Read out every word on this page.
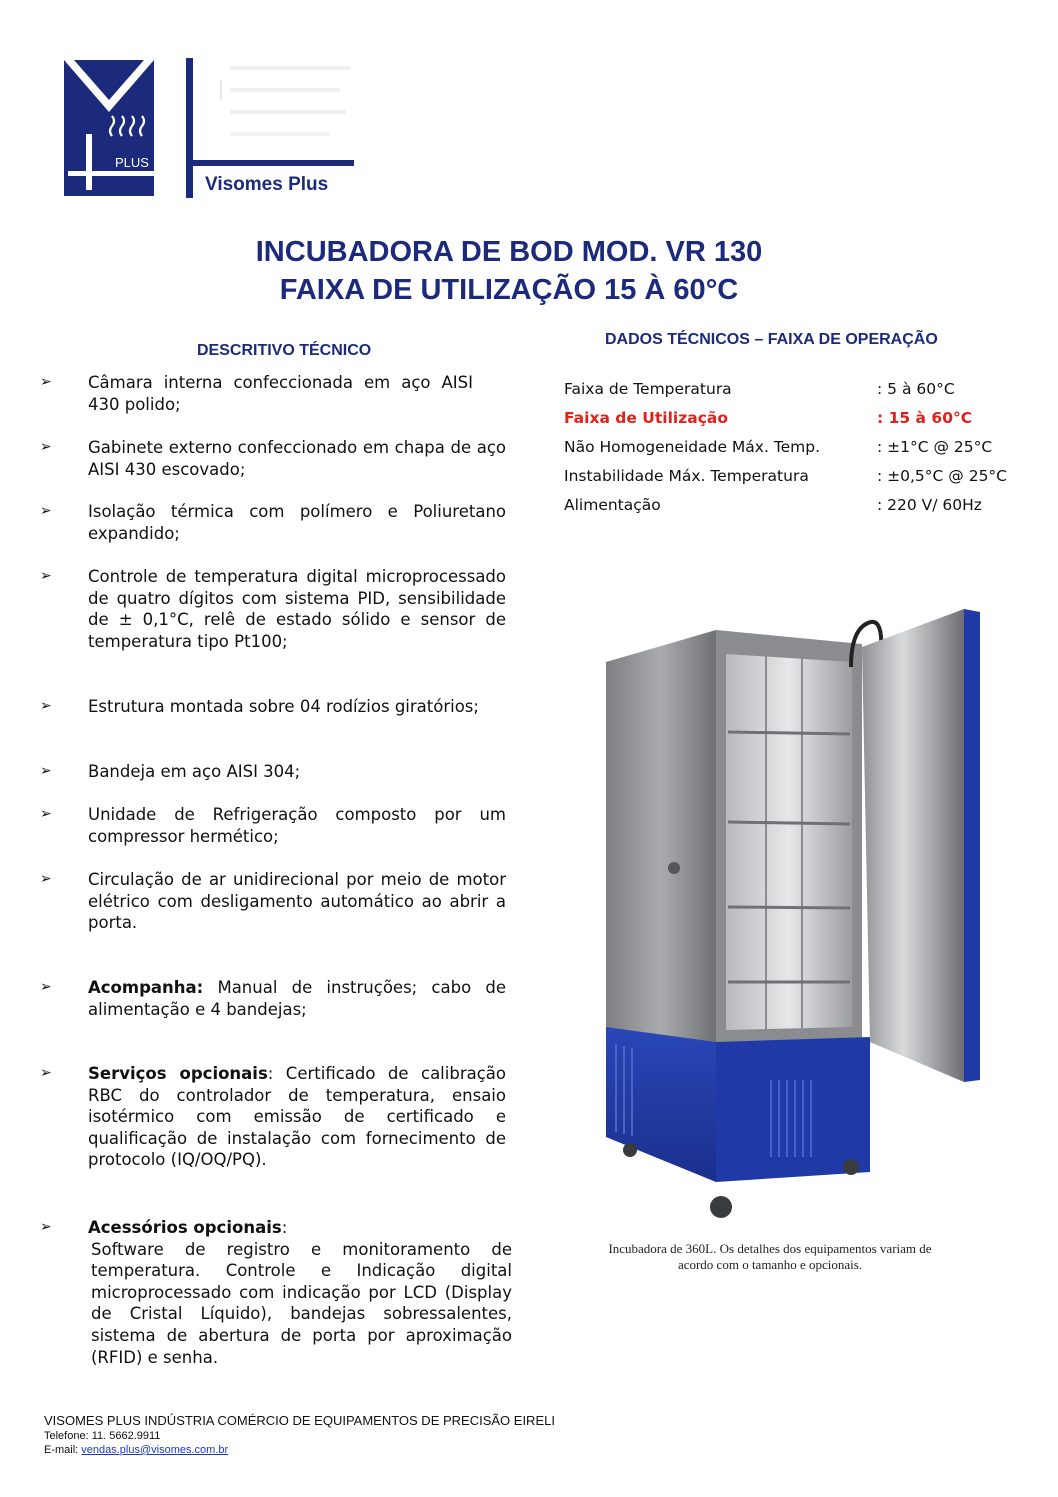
PLUS
Visomes Plus
INCUBADORA DE BOD MOD. VR 130
FAIXA DE UTILIZAÇÃO 15 À 60°C
DESCRITIVO TÉCNICO
➢ Câmara interna confeccionada em aço AISI 430 polido;
➢ Gabinete externo confeccionado em chapa de aço AISI 430 escovado;
➢ Isolação térmica com polímero e Poliuretano expandido;
➢ Controle de temperatura digital microprocessado de quatro dígitos com sistema PID, sensibilidade de ± 0,1°C, relê de estado sólido e sensor de temperatura tipo Pt100;
➢ Estrutura montada sobre 04 rodízios giratórios;
➢ Bandeja em aço AISI 304;
➢ Unidade de Refrigeração composto por um compressor hermético;
➢ Circulação de ar unidirecional por meio de motor elétrico com desligamento automático ao abrir a porta.
➢ Acompanha: Manual de instruções; cabo de alimentação e 4 bandejas;
➢ Serviços opcionais: Certificado de calibração RBC do controlador de temperatura, ensaio isotérmico com emissão de certificado e qualificação de instalação com fornecimento de protocolo (IQ/OQ/PQ).
➢ Acessórios opcionais:
Software de registro e monitoramento de temperatura. Controle e Indicação digital microprocessado com indicação por LCD (Display de Cristal Líquido), bandejas sobressalentes, sistema de abertura de porta por aproximação (RFID) e senha.
DADOS TÉCNICOS – FAIXA DE OPERAÇÃO
Faixa de Temperatura	: 5 à 60°C
Faixa de Utilização	: 15 à 60°C
Não Homogeneidade Máx. Temp.	: ±1°C @ 25°C
Instabilidade Máx. Temperatura	: ±0,5°C @ 25°C
Alimentação	: 220 V/ 60Hz
Incubadora de 360L. Os detalhes dos equipamentos variam de
acordo com o tamanho e opcionais.
VISOMES PLUS INDÚSTRIA COMÉRCIO DE EQUIPAMENTOS DE PRECISÃO EIRELI
Telefone: 11. 5662.9911
E-mail: vendas.plus@visomes.com.br
